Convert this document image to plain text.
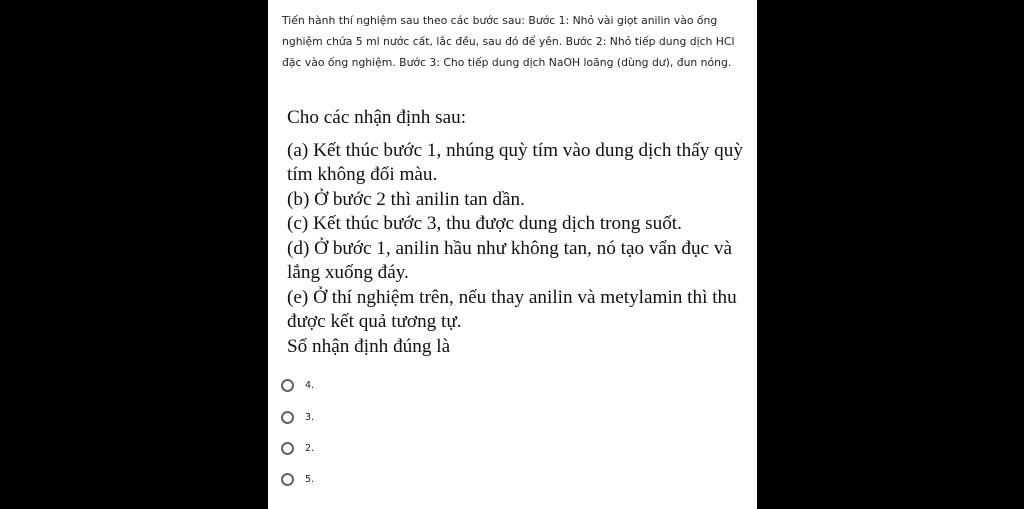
Tiến hành thí nghiệm sau theo các bước sau: Bước 1: Nhỏ vài giọt anilin vào ống nghiệm chứa 5 ml nước cất, lắc đều, sau đó để yên. Bước 2: Nhỏ tiếp dung dịch HCl đặc vào ống nghiệm. Bước 3: Cho tiếp dung dịch NaOH loãng (dùng dư), đun nóng.

Cho các nhận định sau:
(a) Kết thúc bước 1, nhúng quỳ tím vào dung dịch thấy quỳ tím không đổi màu.
(b) Ở bước 2 thì anilin tan dần.
(c) Kết thúc bước 3, thu được dung dịch trong suốt.
(d) Ở bước 1, anilin hầu như không tan, nó tạo vẩn đục và lắng xuống đáy.
(e) Ở thí nghiệm trên, nếu thay anilin và metylamin thì thu được kết quả tương tự.
Số nhận định đúng là
4.
3.
2.
5.
